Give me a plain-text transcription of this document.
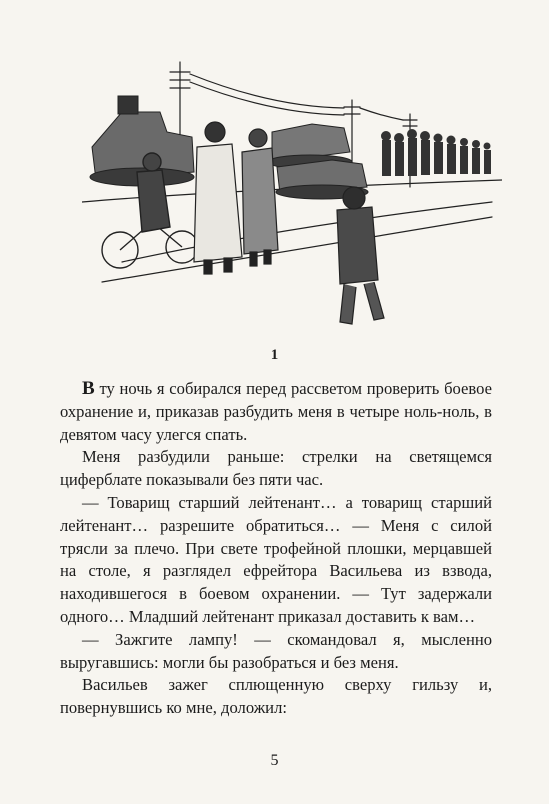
1

В ту ночь я собирался перед рассветом проверить боевое охранение и, приказав разбудить меня в четыре ноль-ноль, в девятом часу улегся спать.

Меня разбудили раньше: стрелки на светящемся циферблате показывали без пяти час.

— Товарищ старший лейтенант… а товарищ старший лейтенант… разрешите обратиться… — Меня с силой трясли за плечо. При свете трофейной плошки, мерцавшей на столе, я разглядел ефрейтора Васильева из взвода, находившегося в боевом охранении. — Тут задержали одного… Младший лейтенант приказал доставить к вам…

— Зажгите лампу! — скомандовал я, мысленно выругавшись: могли бы разобраться и без меня.

Васильев зажег сплющенную сверху гильзу и, повернувшись ко мне, доложил:

5
